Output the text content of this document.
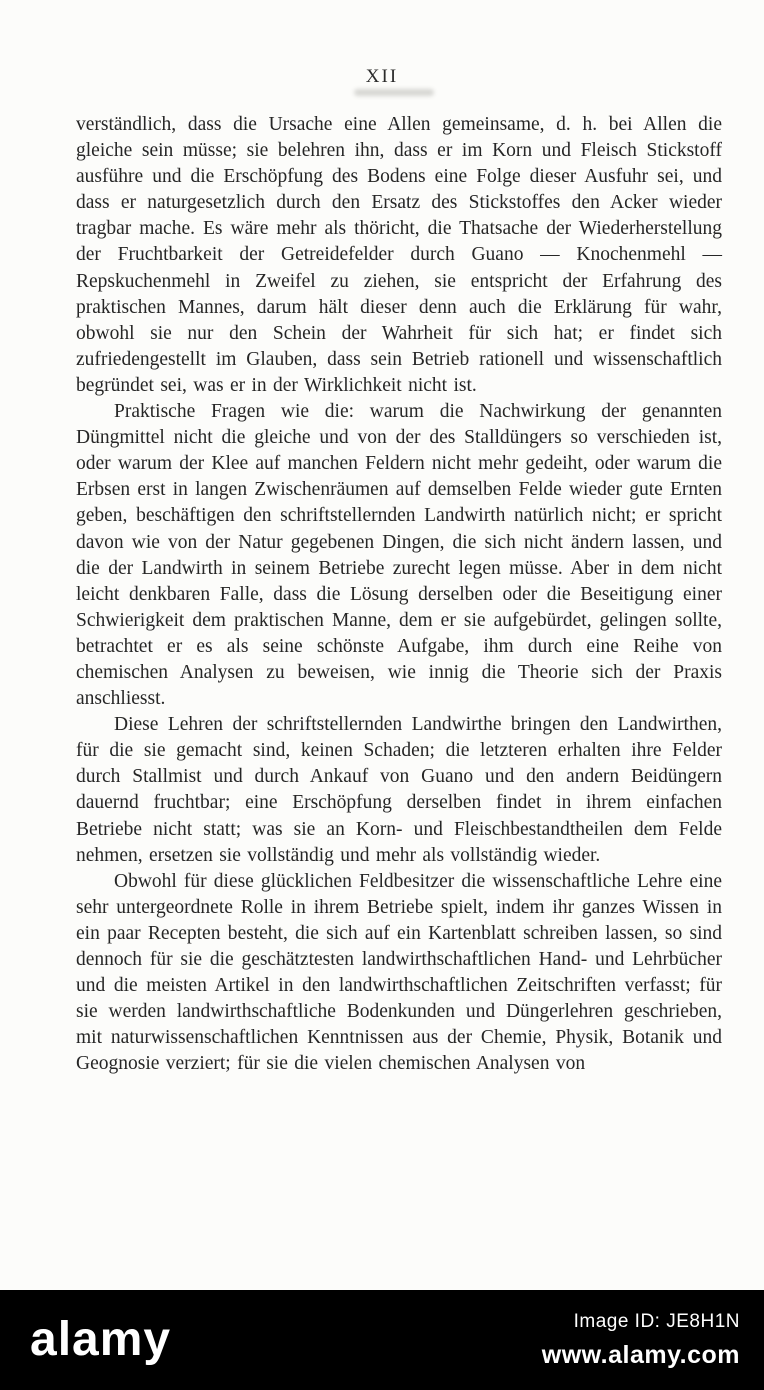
XII

verständlich, dass die Ursache eine Allen gemeinsame, d. h. bei Allen die gleiche sein müsse; sie belehren ihn, dass er im Korn und Fleisch Stickstoff ausführe und die Erschöpfung des Bodens eine Folge dieser Ausfuhr sei, und dass er naturgesetzlich durch den Ersatz des Stickstoffes den Acker wieder tragbar mache. Es wäre mehr als thöricht, die Thatsache der Wiederherstellung der Fruchtbarkeit der Getreidefelder durch Guano — Knochenmehl — Repskuchenmehl in Zweifel zu ziehen, sie entspricht der Erfahrung des praktischen Mannes, darum hält dieser denn auch die Erklärung für wahr, obwohl sie nur den Schein der Wahrheit für sich hat; er findet sich zufriedengestellt im Glauben, dass sein Betrieb rationell und wissenschaftlich begründet sei, was er in der Wirklichkeit nicht ist.

Praktische Fragen wie die: warum die Nachwirkung der genannten Düngmittel nicht die gleiche und von der des Stalldüngers so verschieden ist, oder warum der Klee auf manchen Feldern nicht mehr gedeiht, oder warum die Erbsen erst in langen Zwischenräumen auf demselben Felde wieder gute Ernten geben, beschäftigen den schriftstellernden Landwirth natürlich nicht; er spricht davon wie von der Natur gegebenen Dingen, die sich nicht ändern lassen, und die der Landwirth in seinem Betriebe zurecht legen müsse. Aber in dem nicht leicht denkbaren Falle, dass die Lösung derselben oder die Beseitigung einer Schwierigkeit dem praktischen Manne, dem er sie aufgebürdet, gelingen sollte, betrachtet er es als seine schönste Aufgabe, ihm durch eine Reihe von chemischen Analysen zu beweisen, wie innig die Theorie sich der Praxis anschliesst.

Diese Lehren der schriftstellernden Landwirthe bringen den Landwirthen, für die sie gemacht sind, keinen Schaden; die letzteren erhalten ihre Felder durch Stallmist und durch Ankauf von Guano und den andern Beidüngern dauernd fruchtbar; eine Erschöpfung derselben findet in ihrem einfachen Betriebe nicht statt; was sie an Korn- und Fleischbestandtheilen dem Felde nehmen, ersetzen sie vollständig und mehr als vollständig wieder.

Obwohl für diese glücklichen Feldbesitzer die wissenschaftliche Lehre eine sehr untergeordnete Rolle in ihrem Betriebe spielt, indem ihr ganzes Wissen in ein paar Recepten besteht, die sich auf ein Kartenblatt schreiben lassen, so sind dennoch für sie die geschätztesten landwirthschaftlichen Hand- und Lehrbücher und die meisten Artikel in den landwirthschaftlichen Zeitschriften verfasst; für sie werden landwirthschaftliche Bodenkunden und Düngerlehren geschrieben, mit naturwissenschaftlichen Kenntnissen aus der Chemie, Physik, Botanik und Geognosie verziert; für sie die vielen chemischen Analysen von

alamy	Image ID: JE8H1N
www.alamy.com
